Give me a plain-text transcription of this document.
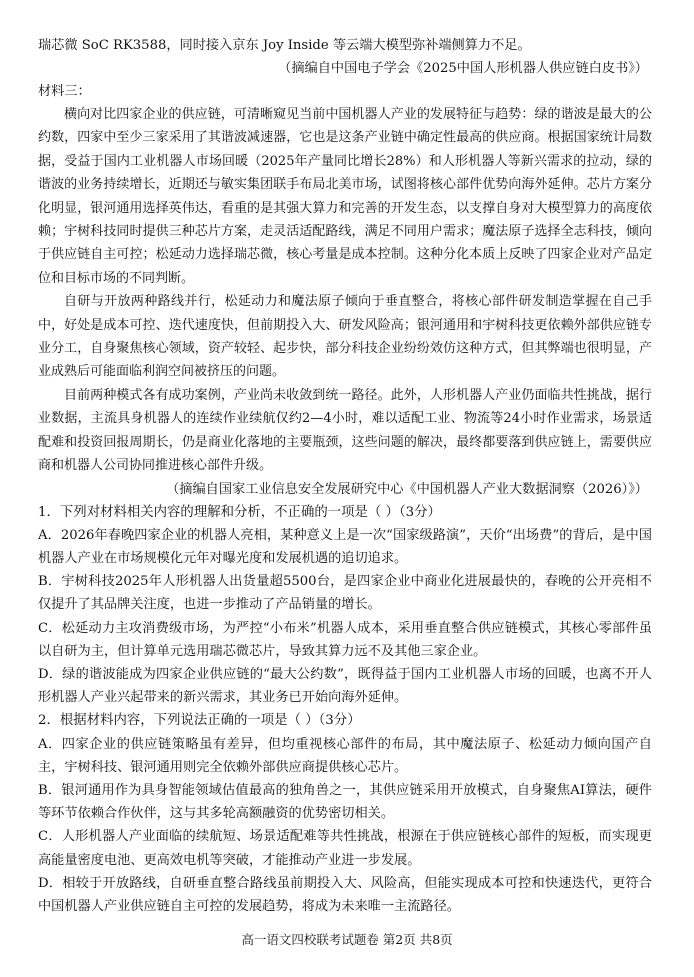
瑞芯微 SoC RK3588，同时接入京东 Joy Inside 等云端大模型弥补端侧算力不足。

（摘编自中国电子学会《2025中国人形机器人供应链白皮书》）

材料三：

横向对比四家企业的供应链，可清晰窥见当前中国机器人产业的发展特征与趋势：绿的谐波是最大的公约数，四家中至少三家采用了其谐波减速器，它也是这条产业链中确定性最高的供应商。根据国家统计局数据，受益于国内工业机器人市场回暖（2025年产量同比增长28%）和人形机器人等新兴需求的拉动，绿的谐波的业务持续增长，近期还与敏实集团联手布局北美市场，试图将核心部件优势向海外延伸。芯片方案分化明显，银河通用选择英伟达，看重的是其强大算力和完善的开发生态，以支撑自身对大模型算力的高度依赖；宇树科技同时提供三种芯片方案，走灵活适配路线，满足不同用户需求；魔法原子选择全志科技，倾向于供应链自主可控；松延动力选择瑞芯微，核心考量是成本控制。这种分化本质上反映了四家企业对产品定位和目标市场的不同判断。

自研与开放两种路线并行，松延动力和魔法原子倾向于垂直整合，将核心部件研发制造掌握在自己手中，好处是成本可控、迭代速度快，但前期投入大、研发风险高；银河通用和宇树科技更依赖外部供应链专业分工，自身聚焦核心领域，资产较轻、起步快，部分科技企业纷纷效仿这种方式，但其弊端也很明显，产业成熟后可能面临利润空间被挤压的问题。

目前两种模式各有成功案例，产业尚未收敛到统一路径。此外，人形机器人产业仍面临共性挑战，据行业数据，主流具身机器人的连续作业续航仅约2—4小时，难以适配工业、物流等24小时作业需求，场景适配难和投资回报周期长，仍是商业化落地的主要瓶颈，这些问题的解决，最终都要落到供应链上，需要供应商和机器人公司协同推进核心部件升级。

（摘编自国家工业信息安全发展研究中心《中国机器人产业大数据洞察（2026）》）

1．下列对材料相关内容的理解和分析，不正确的一项是（ ）（3分）

A．2026年春晚四家企业的机器人亮相，某种意义上是一次“国家级路演”，天价“出场费”的背后，是中国机器人产业在市场规模化元年对曝光度和发展机遇的追切追求。

B．宇树科技2025年人形机器人出货量超5500台，是四家企业中商业化进展最快的，春晚的公开亮相不仅提升了其品牌关注度，也进一步推动了产品销量的增长。

C．松延动力主攻消费级市场，为严控“小布米”机器人成本，采用垂直整合供应链模式，其核心零部件虽以自研为主，但计算单元选用瑞芯微芯片，导致其算力远不及其他三家企业。

D．绿的谐波能成为四家企业供应链的“最大公约数”，既得益于国内工业机器人市场的回暖，也离不开人形机器人产业兴起带来的新兴需求，其业务已开始向海外延伸。

2．根据材料内容，下列说法正确的一项是（ ）（3分）

A．四家企业的供应链策略虽有差异，但均重视核心部件的布局，其中魔法原子、松延动力倾向国产自主，宇树科技、银河通用则完全依赖外部供应商提供核心芯片。

B．银河通用作为具身智能领域估值最高的独角兽之一，其供应链采用开放模式，自身聚焦AI算法，硬件等环节依赖合作伙伴，这与其多轮高额融资的优势密切相关。

C．人形机器人产业面临的续航短、场景适配难等共性挑战，根源在于供应链核心部件的短板，而实现更高能量密度电池、更高效电机等突破，才能推动产业进一步发展。

D．相较于开放路线，自研垂直整合路线虽前期投入大、风险高，但能实现成本可控和快速迭代，更符合中国机器人产业供应链自主可控的发展趋势，将成为未来唯一主流路径。

高一语文四校联考试题卷 第2页 共8页
